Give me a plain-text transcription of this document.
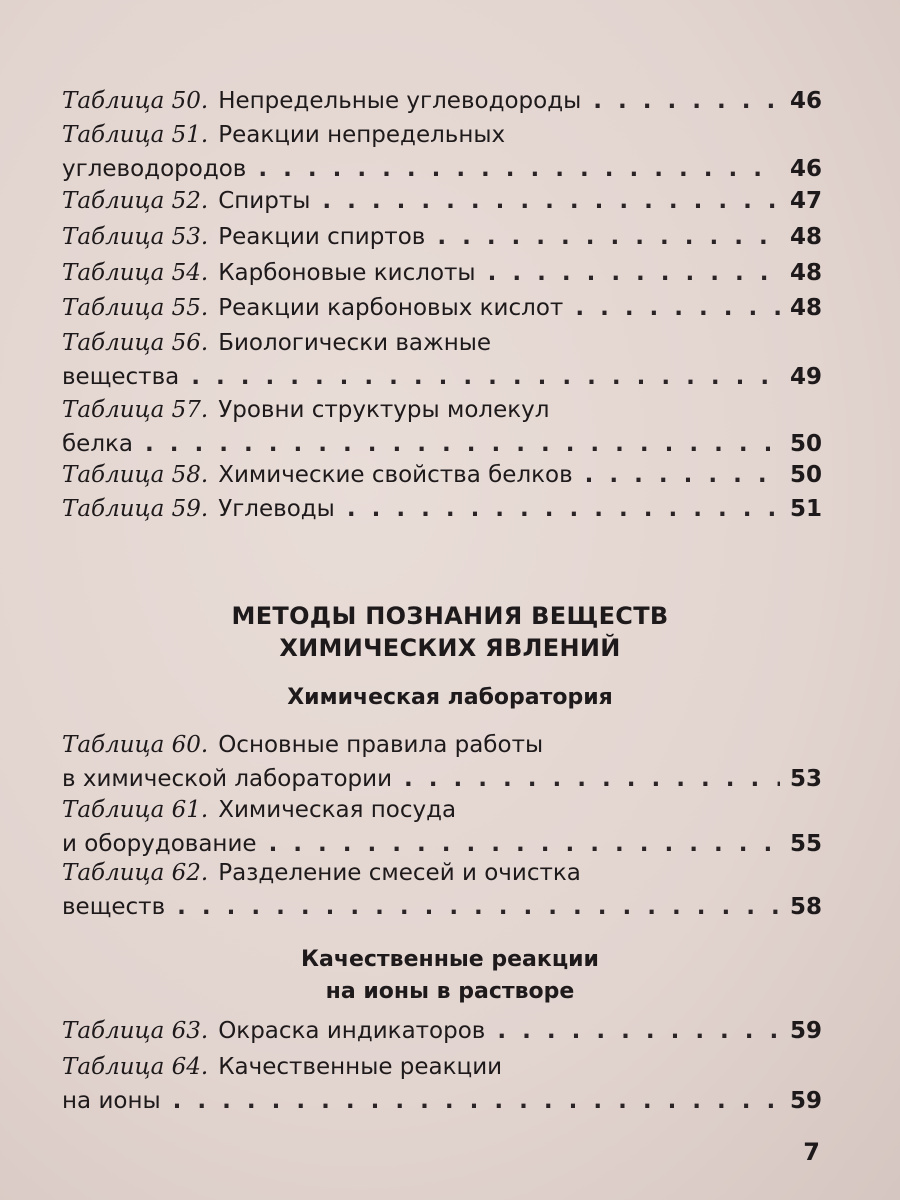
Таблица 50. Непредельные углеводороды . . .	46
Таблица 51. Реакции непредельных
углеводородов . . .	46
Таблица 52. Спирты . . .	47
Таблица 53. Реакции спиртов . . .	48
Таблица 54. Карбоновые кислоты . . .	48
Таблица 55. Реакции карбоновых кислот . . .	48
Таблица 56. Биологически важные
вещества . . .	49
Таблица 57. Уровни структуры молекул
белка . . .	50
Таблица 58. Химические свойства белков . . .	50
Таблица 59. Углеводы . . .	51
МЕТОДЫ ПОЗНАНИЯ ВЕЩЕСТВ
ХИМИЧЕСКИХ ЯВЛЕНИЙ
Химическая лаборатория
Таблица 60. Основные правила работы
в химической лаборатории . . .	53
Таблица 61. Химическая посуда
и оборудование . . .	55
Таблица 62. Разделение смесей и очистка
веществ . . .	58
Качественные реакции
на ионы в растворе
Таблица 63. Окраска индикаторов . . .	59
Таблица 64. Качественные реакции
на ионы . . .	59
7
